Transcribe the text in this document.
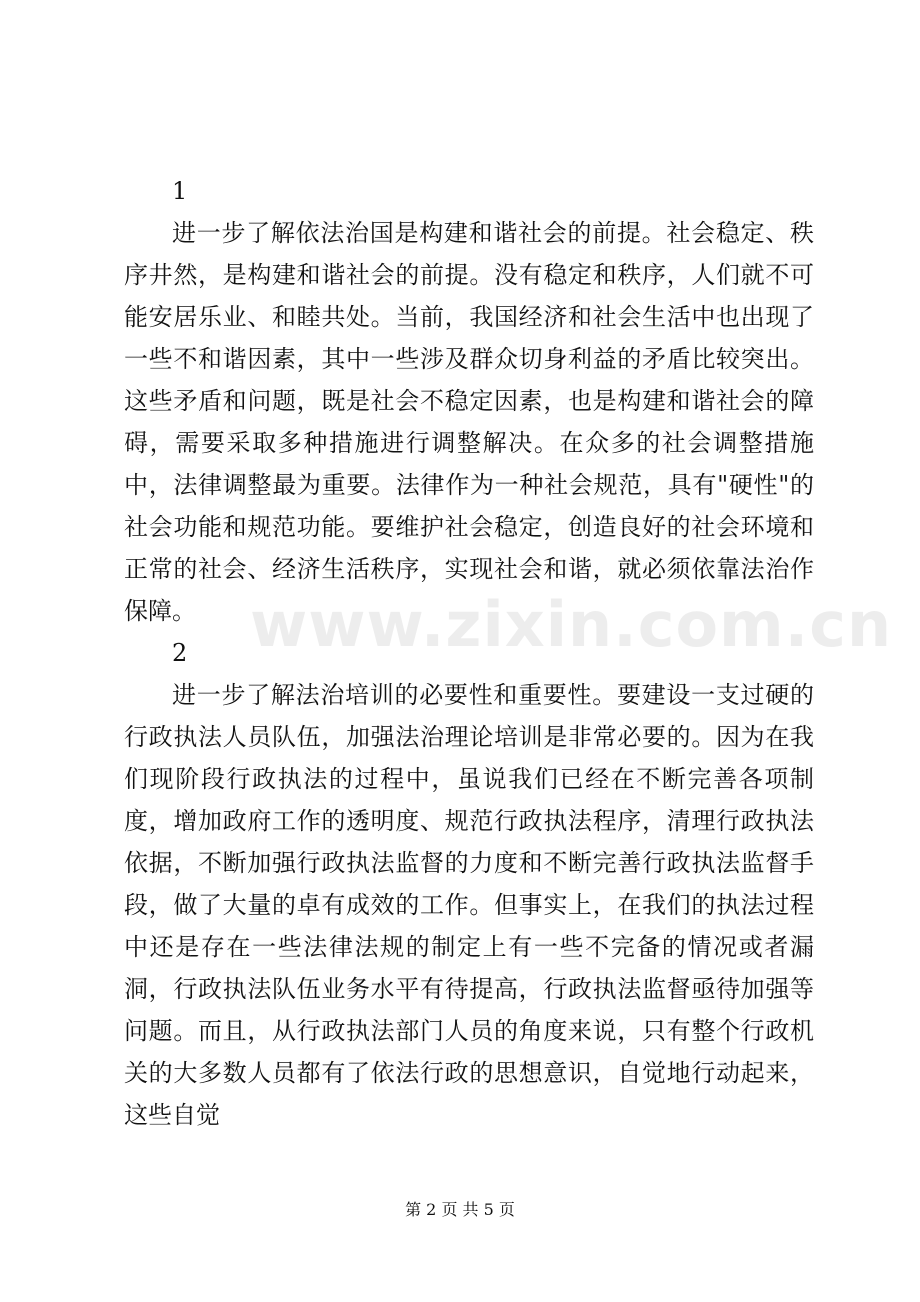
1

进一步了解依法治国是构建和谐社会的前提。社会稳定、秩序井然，是构建和谐社会的前提。没有稳定和秩序，人们就不可能安居乐业、和睦共处。当前，我国经济和社会生活中也出现了一些不和谐因素，其中一些涉及群众切身利益的矛盾比较突出。这些矛盾和问题，既是社会不稳定因素，也是构建和谐社会的障碍，需要采取多种措施进行调整解决。在众多的社会调整措施中，法律调整最为重要。法律作为一种社会规范，具有"硬性"的社会功能和规范功能。要维护社会稳定，创造良好的社会环境和正常的社会、经济生活秩序，实现社会和谐，就必须依靠法治作保障。

2

进一步了解法治培训的必要性和重要性。要建设一支过硬的行政执法人员队伍，加强法治理论培训是非常必要的。因为在我们现阶段行政执法的过程中，虽说我们已经在不断完善各项制度，增加政府工作的透明度、规范行政执法程序，清理行政执法依据，不断加强行政执法监督的力度和不断完善行政执法监督手段，做了大量的卓有成效的工作。但事实上，在我们的执法过程中还是存在一些法律法规的制定上有一些不完备的情况或者漏洞，行政执法队伍业务水平有待提高，行政执法监督亟待加强等问题。而且，从行政执法部门人员的角度来说，只有整个行政机关的大多数人员都有了依法行政的思想意识，自觉地行动起来，这些自觉

www.zixin.com.cn
第 2 页 共 5 页
